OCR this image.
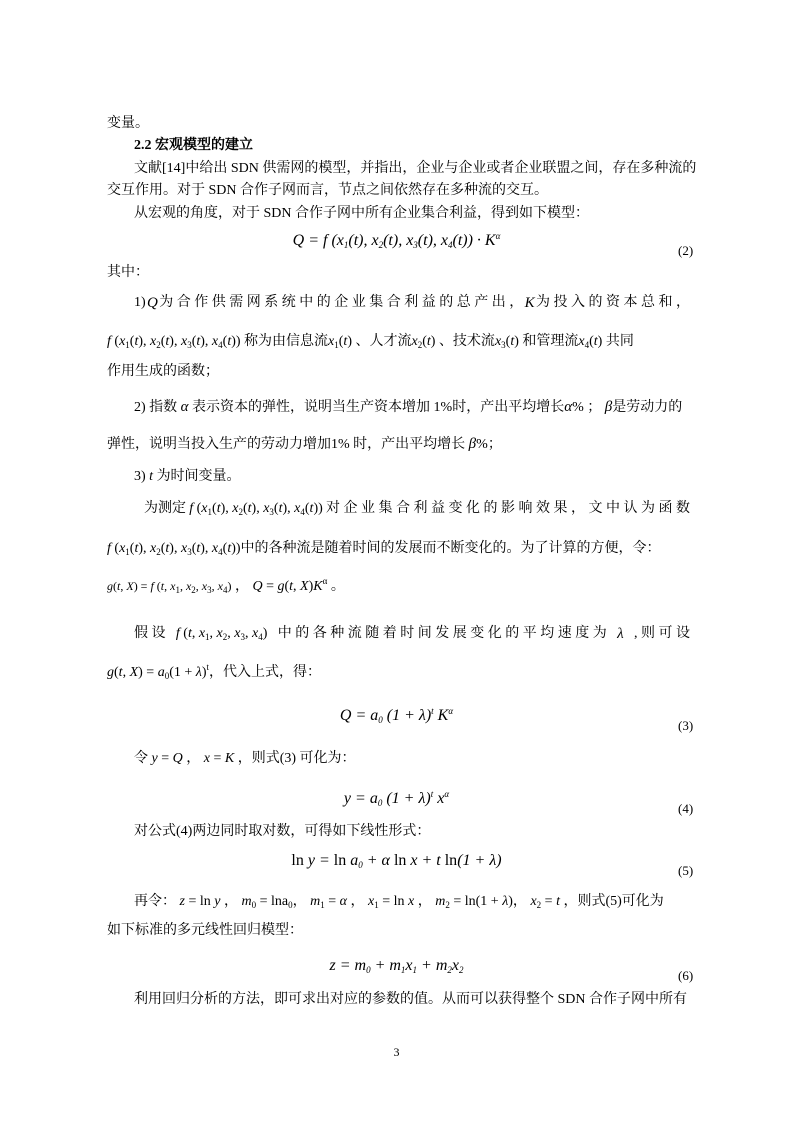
变量。
2.2 宏观模型的建立
文献[14]中给出 SDN 供需网的模型，并指出，企业与企业或者企业联盟之间，存在多种流的
交互作用。对于 SDN 合作子网而言，节点之间依然存在多种流的交互。
从宏观的角度，对于 SDN 合作子网中所有企业集合利益，得到如下模型：
Q = f ($x_1(t)$, $x_2(t)$, $x_3(t)$, $x_4(t)) \cdot K^\alpha$
(2)
其中：
1) Q 为 合 作 供 需 网 系 统 中 的 企 业 集 合 利 益 的 总 产 出 ， K 为 投 入 的 资 本 总 和 ，
f ($x_1(t)$, $x_2(t)$, $x_3(t)$, $x_4(t)$) 称为由信息流$x_1(t)$ 、人才流$x_2(t)$ 、技术流$x_3(t)$ 和管理流$x_4(t)$ 共同
作用生成的函数；
2) 指数 α 表示资本的弹性，说明当生产资本增加 1%时，产出平均增长α% ； β是劳动力的
弹性，说明当投入生产的劳动力增加1% 时，产出平均增长 β%；
3) t 为时间变量。
为测定 f ($x_1(t)$, $x_2(t)$, $x_3(t)$, $x_4(t)$) 对 企 业 集 合 利 益 变 化 的 影 响 效 果 ， 文 中 认 为 函 数
f ($x_1(t)$, $x_2(t)$, $x_3(t)$, $x_4(t)$)中的各种流是随着时间的发展而不断变化的。为了计算的方便，令：
g(t, X) = f (t, $x_1$, $x_2$, $x_3$, $x_4$) ， Q = g(t, $X)K^\alpha$ 。
假 设 f (t, $x_1$, $x_2$, $x_3$, $x_4$) 中 的 各 种 流 随 着 时 间 发 展 变 化 的 平 均 速 度 为 λ , 则 可 设
g(t, $X) = a_0(1 + \lambda)^t$，代入上式，得：
$Q = a_0$ $(1 + \lambda)^t$ $K^\alpha$
(3)
令 y = Q ， x = K ，则式(3) 可化为：
$y = a_0$ $(1 + \lambda)^t$ $x^\alpha$
(4)
对公式(4)两边同时取对数，可得如下线性形式：
$\ln y = \ln a_0 + \alpha$ ln x + t ln(1 + λ)
(5)
再令： z = ln y ， $m_0 = \ln a_0$， $m_1 = \alpha$ ， $x_1 = \ln x$ ， $m_2 = \ln(1 + \lambda)$， $x_2 = t$ ，则式(5)可化为
如下标准的多元线性回归模型：
$z = m_0 + m_1x_1 + m_2x_2$	(6)
利用回归分析的方法，即可求出对应的参数的值。从而可以获得整个 SDN 合作子网中所有
3
